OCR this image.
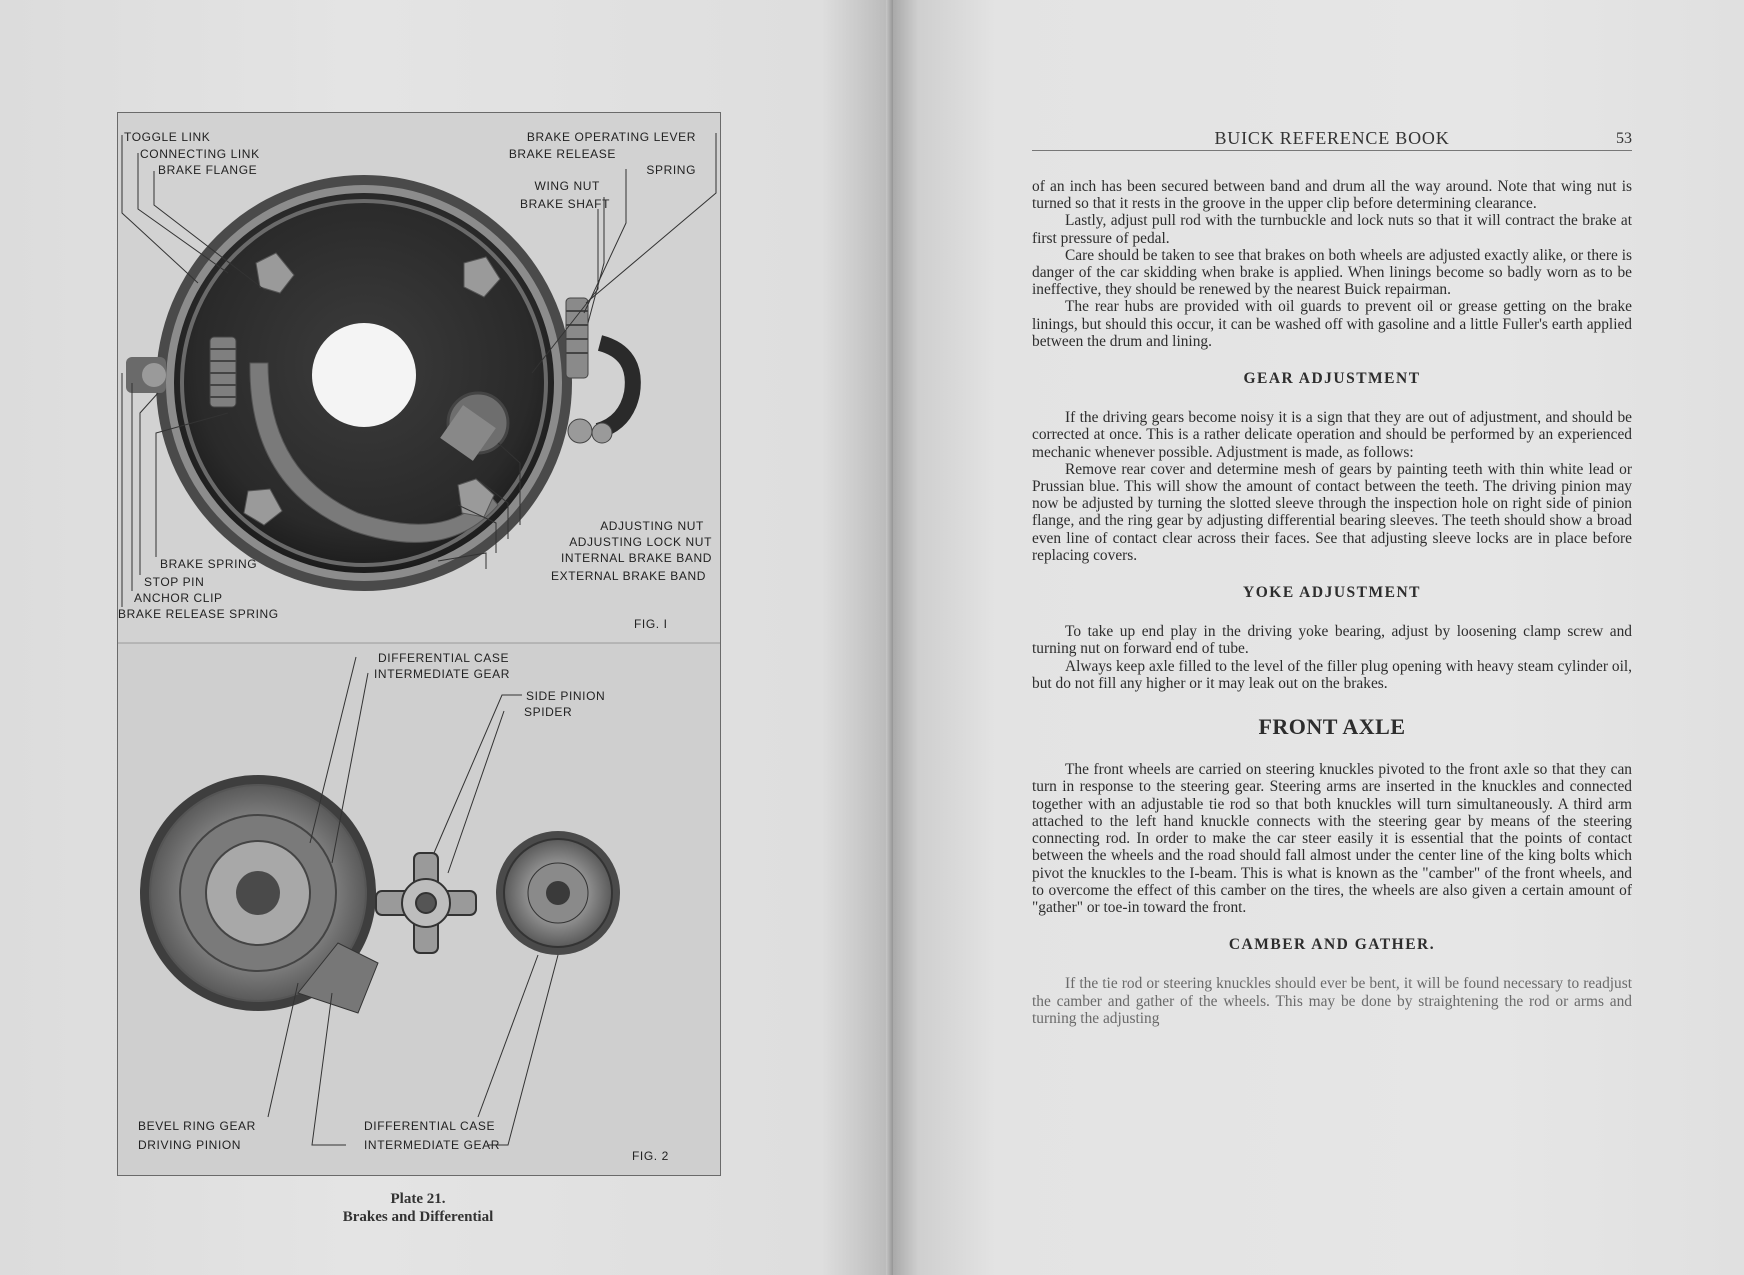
TOGGLE LINK
CONNECTING LINK
BRAKE FLANGE
BRAKE OPERATING LEVER
BRAKE RELEASE
SPRING
WING NUT
BRAKE SHAFT
ADJUSTING NUT
ADJUSTING LOCK NUT
INTERNAL BRAKE BAND
EXTERNAL BRAKE BAND
BRAKE SPRING
STOP PIN
ANCHOR CLIP
BRAKE RELEASE SPRING
FIG. I
DIFFERENTIAL CASE
INTERMEDIATE GEAR
SIDE PINION
SPIDER
BEVEL RING GEAR
DRIVING PINION
DIFFERENTIAL CASE
INTERMEDIATE GEAR
FIG. 2
Plate 21.
Brakes and Differential
BUICK REFERENCE BOOK	53

of an inch has been secured between band and drum all the way around. Note that wing nut is turned so that it rests in the groove in the upper clip before determining clearance.

Lastly, adjust pull rod with the turnbuckle and lock nuts so that it will contract the brake at first pressure of pedal.

Care should be taken to see that brakes on both wheels are adjusted exactly alike, or there is danger of the car skidding when brake is applied. When linings become so badly worn as to be ineffective, they should be renewed by the nearest Buick repairman.

The rear hubs are provided with oil guards to prevent oil or grease getting on the brake linings, but should this occur, it can be washed off with gasoline and a little Fuller's earth applied between the drum and lining.

GEAR ADJUSTMENT

If the driving gears become noisy it is a sign that they are out of adjustment, and should be corrected at once. This is a rather delicate operation and should be performed by an experienced mechanic whenever possible. Adjustment is made, as follows:

Remove rear cover and determine mesh of gears by painting teeth with thin white lead or Prussian blue. This will show the amount of contact between the teeth. The driving pinion may now be adjusted by turning the slotted sleeve through the inspection hole on right side of pinion flange, and the ring gear by adjusting differential bearing sleeves. The teeth should show a broad even line of contact clear across their faces. See that adjusting sleeve locks are in place before replacing covers.

YOKE ADJUSTMENT

To take up end play in the driving yoke bearing, adjust by loosening clamp screw and turning nut on forward end of tube.

Always keep axle filled to the level of the filler plug opening with heavy steam cylinder oil, but do not fill any higher or it may leak out on the brakes.

FRONT AXLE

The front wheels are carried on steering knuckles pivoted to the front axle so that they can turn in response to the steering gear. Steering arms are inserted in the knuckles and connected together with an adjustable tie rod so that both knuckles will turn simultaneously. A third arm attached to the left hand knuckle connects with the steering gear by means of the steering connecting rod. In order to make the car steer easily it is essential that the points of contact between the wheels and the road should fall almost under the center line of the king bolts which pivot the knuckles to the I-beam. This is what is known as the "camber" of the front wheels, and to overcome the effect of this camber on the tires, the wheels are also given a certain amount of "gather" or toe-in toward the front.

CAMBER AND GATHER.

If the tie rod or steering knuckles should ever be bent, it will be found necessary to readjust the camber and gather of the wheels. This may be done by straightening the rod or arms and turning the adjusting
